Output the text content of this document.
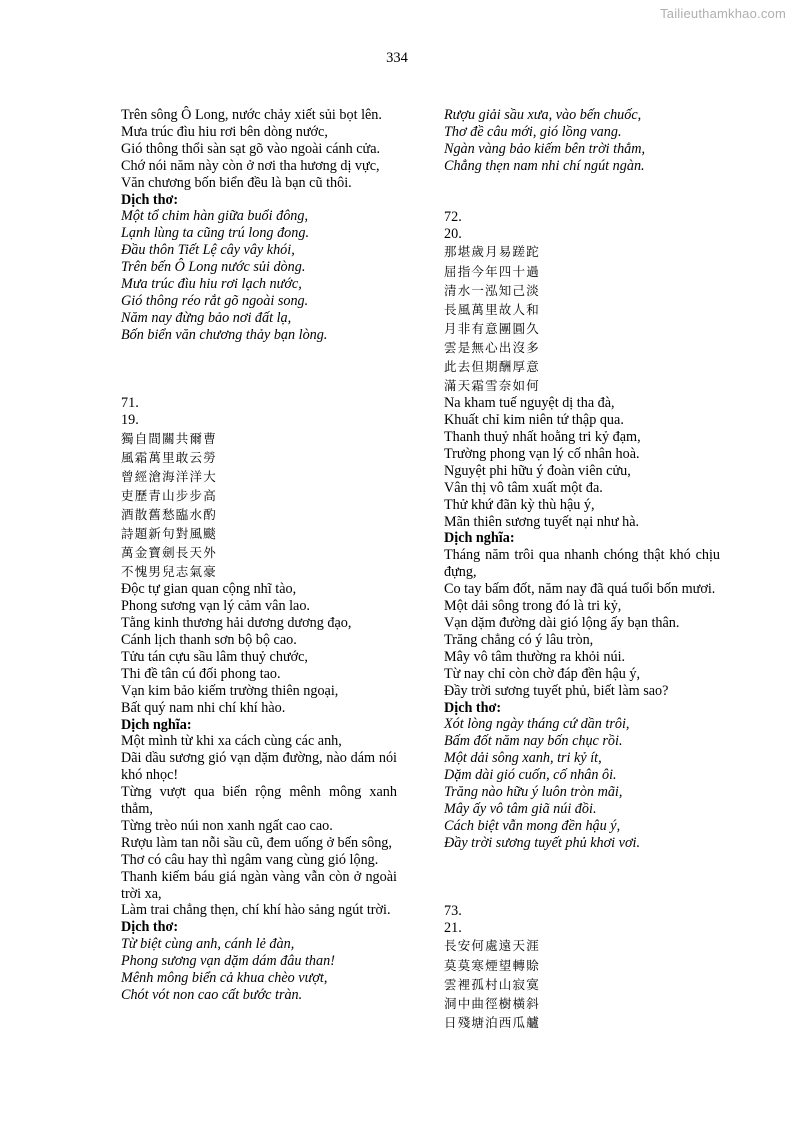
Tailieuthamkhao.com
334
Trên sông Ô Long, nước chảy xiết sủi bọt lên.
Mưa trúc đìu hiu rơi bên dòng nước,
Gió thông thổi sàn sạt gõ vào ngoài cánh cửa.
Chớ nói năm này còn ở nơi tha hương dị vực,
Văn chương bốn biển đều là bạn cũ thôi.
Dịch thơ:
Một tổ chim hàn giữa buổi đông,
Lạnh lùng ta cũng trú long đong.
Đầu thôn Tiết Lệ cây vây khói,
Trên bến Ô Long nước sủi dòng.
Mưa trúc đìu hiu rơi lạch nước,
Gió thông réo rắt gõ ngoài song.
Năm nay đừng bảo nơi đất lạ,
Bốn biển văn chương thảy bạn lòng.
71.
19.
獨自間關共爾曹
風霜萬里敢云勞
曾經滄海洋洋大
吏歷青山步步高
酒散舊愁臨水酌
詩題新句對風颷
萬金寶劍長天外
不愧男兒志氣豪
Độc tự gian quan cộng nhĩ tào,
Phong sương vạn lý cảm vân lao.
Tằng kinh thương hải dương dương đạo,
Cánh lịch thanh sơn bộ bộ cao.
Tửu tán cựu sầu lâm thuỷ chước,
Thi đề tân cú đối phong tao.
Vạn kim bảo kiếm trường thiên ngoại,
Bất quý nam nhi chí khí hào.
Dịch nghĩa:
Một mình từ khi xa cách cùng các anh,
Dãi dầu sương gió vạn dặm đường, nào dám nói khó nhọc!
Từng vượt qua biển rộng mênh mông xanh thẳm,
Từng trèo núi non xanh ngất cao cao.
Rượu làm tan nỗi sầu cũ, đem uống ở bến sông,
Thơ có câu hay thì ngâm vang cùng gió lộng.
Thanh kiếm báu giá ngàn vàng vẫn còn ở ngoài trời xa,
Làm trai chẳng thẹn, chí khí hào sảng ngút trời.
Dịch thơ:
Từ biệt cùng anh, cánh lẻ đàn,
Phong sương vạn dặm dám đâu than!
Mênh mông biển cả khua chèo vượt,
Chót vót non cao cất bước tràn.
Rượu giải sầu xưa, vào bến chuốc,
Thơ đề câu mới, gió lồng vang.
Ngàn vàng bảo kiếm bên trời thẳm,
Chẳng thẹn nam nhi chí ngút ngàn.
72.
20.
那堪歲月易蹉跎
屈指今年四十過
清水一泓知己淡
長風萬里故人和
月非有意團圓久
雲是無心出沒多
此去但期酬厚意
滿天霜雪奈如何
Na kham tuế nguyệt dị tha đà,
Khuất chỉ kim niên tứ thập qua.
Thanh thuỷ nhất hoằng tri kỷ đạm,
Trường phong vạn lý cố nhân hoà.
Nguyệt phi hữu ý đoàn viên cửu,
Vân thị vô tâm xuất một đa.
Thử khứ đãn kỳ thù hậu ý,
Mãn thiên sương tuyết nại như hà.
Dịch nghĩa:
Tháng năm trôi qua nhanh chóng thật khó chịu đựng,
Co tay bấm đốt, năm nay đã quá tuổi bốn mươi.
Một dải sông trong đó là tri kỷ,
Vạn dặm đường dài gió lộng ấy bạn thân.
Trăng chẳng có ý lâu tròn,
Mây vô tâm thường ra khỏi núi.
Từ nay chỉ còn chờ đáp đền hậu ý,
Đầy trời sương tuyết phủ, biết làm sao?
Dịch thơ:
Xót lòng ngày tháng cứ dần trôi,
Bấm đốt năm nay bốn chục rồi.
Một dải sông xanh, tri kỷ ít,
Dặm dài gió cuốn, cố nhân ôi.
Trăng nào hữu ý luôn tròn mãi,
Mây ấy vô tâm giã núi đồi.
Cách biệt vẫn mong đền hậu ý,
Đầy trời sương tuyết phủ khơi vơi.
73.
21.
長安何處遠天涯
莫莫寒煙望轉賒
雲裡孤村山寂寞
洞中曲徑樹橫斜
日殘塘泊西瓜艫
